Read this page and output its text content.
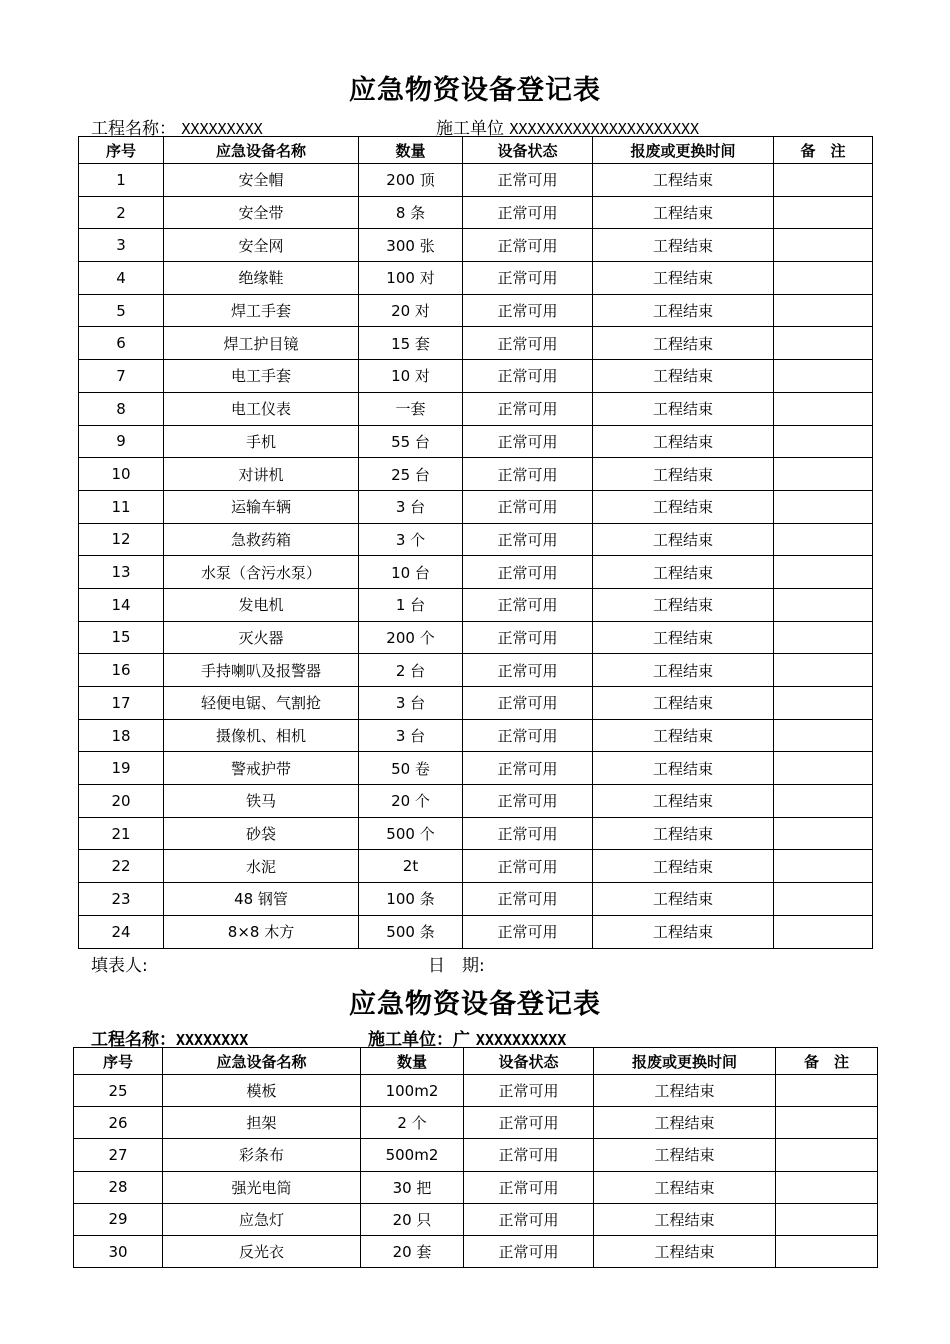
应急物资设备登记表
工程名称： XXXXXXXXX	施工单位 XXXXXXXXXXXXXXXXXXXXX
序号	应急设备名称	数量	设备状态	报废或更换时间	备　注
1	安全帽	200 顶	正常可用	工程结束	
2	安全带	8 条	正常可用	工程结束	
3	安全网	300 张	正常可用	工程结束	
4	绝缘鞋	100 对	正常可用	工程结束	
5	焊工手套	20 对	正常可用	工程结束	
6	焊工护目镜	15 套	正常可用	工程结束	
7	电工手套	10 对	正常可用	工程结束	
8	电工仪表	一套	正常可用	工程结束	
9	手机	55 台	正常可用	工程结束	
10	对讲机	25 台	正常可用	工程结束	
11	运输车辆	3 台	正常可用	工程结束	
12	急救药箱	3 个	正常可用	工程结束	
13	水泵（含污水泵）	10 台	正常可用	工程结束	
14	发电机	1 台	正常可用	工程结束	
15	灭火器	200 个	正常可用	工程结束	
16	手持喇叭及报警器	2 台	正常可用	工程结束	
17	轻便电锯、气割抢	3 台	正常可用	工程结束	
18	摄像机、相机	3 台	正常可用	工程结束	
19	警戒护带	50 卷	正常可用	工程结束	
20	铁马	20 个	正常可用	工程结束	
21	砂袋	500 个	正常可用	工程结束	
22	水泥	2t	正常可用	工程结束	
23	48 钢管	100 条	正常可用	工程结束	
24	8×8 木方	500 条	正常可用	工程结束	
填表人:	日　期:
应急物资设备登记表
工程名称：XXXXXXXX	施工单位：广 XXXXXXXXXX
序号	应急设备名称	数量	设备状态	报废或更换时间	备　注
25	模板	100m2	正常可用	工程结束	
26	担架	2 个	正常可用	工程结束	
27	彩条布	500m2	正常可用	工程结束	
28	强光电筒	30 把	正常可用	工程结束	
29	应急灯	20 只	正常可用	工程结束	
30	反光衣	20 套	正常可用	工程结束	
